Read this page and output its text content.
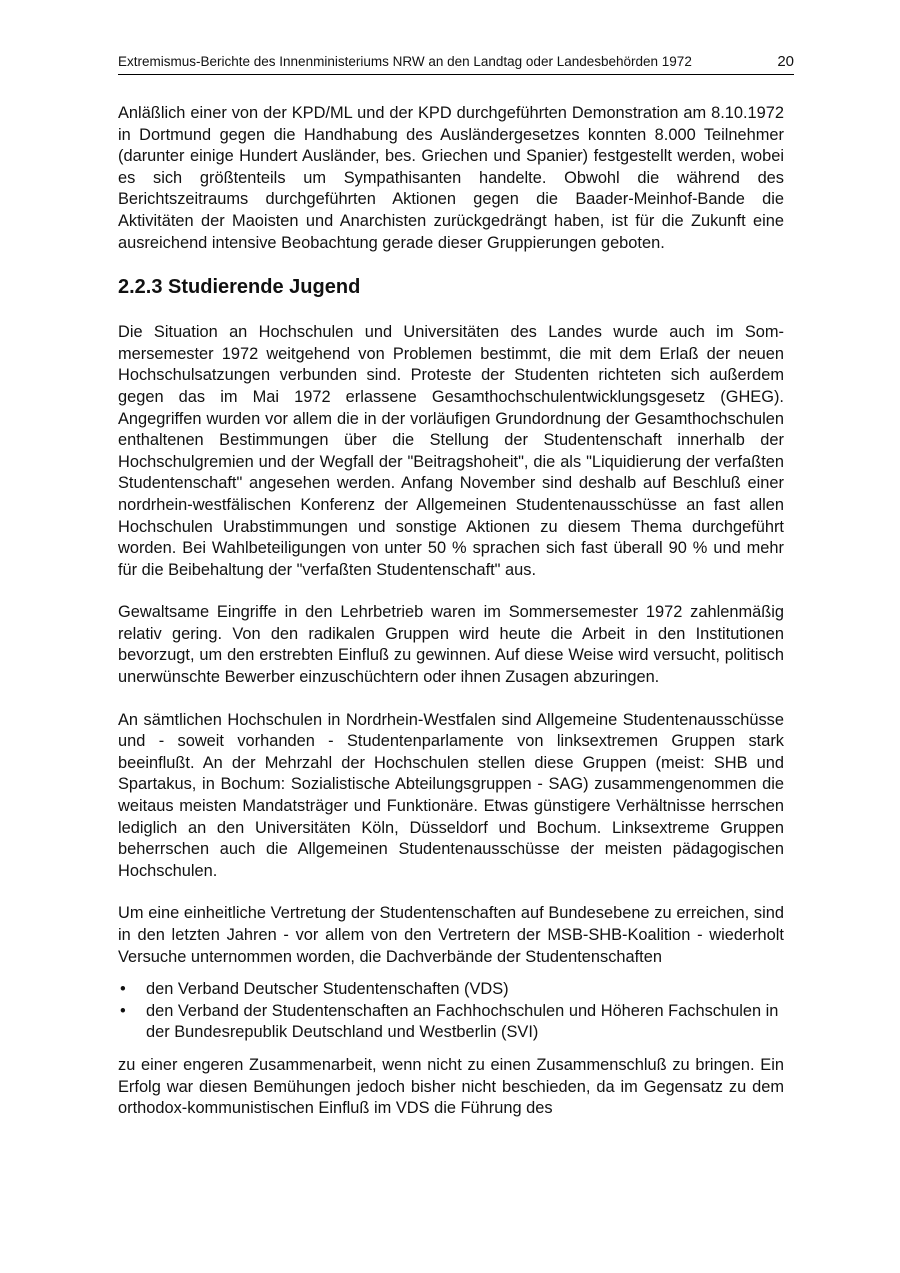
Extremismus-Berichte des Innenministeriums NRW an den Landtag oder Landesbehörden 1972	20

Anläßlich einer von der KPD/ML und der KPD durchgeführten Demonstration am 8.10.1972 in Dortmund gegen die Handhabung des Ausländergesetzes konnten 8.000 Teilnehmer (darunter einige Hundert Ausländer, bes. Griechen und Spanier) festgestellt werden, wobei es sich größtenteils um Sympathisanten handelte. Obwohl die während des Berichtszeitraums durchgeführten Aktionen gegen die Baader-Meinhof-Bande die Aktivitäten der Maoisten und Anarchisten zurückgedrängt haben, ist für die Zukunft eine ausreichend intensive Beobachtung gerade dieser Gruppierungen geboten.

2.2.3 Studierende Jugend

Die Situation an Hochschulen und Universitäten des Landes wurde auch im Sommersemester 1972 weitgehend von Problemen bestimmt, die mit dem Erlaß der neuen Hochschulsatzungen verbunden sind. Proteste der Studenten richteten sich außerdem gegen das im Mai 1972 erlassene Gesamthochschulentwicklungsgesetz (GHEG). Angegriffen wurden vor allem die in der vorläufigen Grundordnung der Gesamthochschulen enthaltenen Bestimmungen über die Stellung der Studentenschaft innerhalb der Hochschulgremien und der Wegfall der "Beitragshoheit", die als "Liquidierung der verfaßten Studentenschaft" angesehen werden. Anfang November sind deshalb auf Beschluß einer nordrhein-westfälischen Konferenz der Allgemeinen Studentenausschüsse an fast allen Hochschulen Urabstimmungen und sonstige Aktionen zu diesem Thema durchgeführt worden. Bei Wahlbeteiligungen von unter 50 % sprachen sich fast überall 90 % und mehr für die Beibehaltung der "verfaßten Studentenschaft" aus.

Gewaltsame Eingriffe in den Lehrbetrieb waren im Sommersemester 1972 zahlenmäßig relativ gering. Von den radikalen Gruppen wird heute die Arbeit in den Institutionen bevorzugt, um den erstrebten Einfluß zu gewinnen. Auf diese Weise wird versucht, politisch unerwünschte Bewerber einzuschüchtern oder ihnen Zusagen abzuringen.

An sämtlichen Hochschulen in Nordrhein-Westfalen sind Allgemeine Studentenausschüsse und - soweit vorhanden - Studentenparlamente von linksextremen Gruppen stark beeinflußt. An der Mehrzahl der Hochschulen stellen diese Gruppen (meist: SHB und Spartakus, in Bochum: Sozialistische Abteilungsgruppen - SAG) zusammengenommen die weitaus meisten Mandatsträger und Funktionäre. Etwas günstigere Verhältnisse herrschen lediglich an den Universitäten Köln, Düsseldorf und Bochum. Linksextreme Gruppen beherrschen auch die Allgemeinen Studentenausschüsse der meisten pädagogischen Hochschulen.

Um eine einheitliche Vertretung der Studentenschaften auf Bundesebene zu erreichen, sind in den letzten Jahren - vor allem von den Vertretern der MSB-SHB-Koalition - wiederholt Versuche unternommen worden, die Dachverbände der Studentenschaften

• den Verband Deutscher Studentenschaften (VDS)
• den Verband der Studentenschaften an Fachhochschulen und Höheren Fachschulen in der Bundesrepublik Deutschland und Westberlin (SVI)

zu einer engeren Zusammenarbeit, wenn nicht zu einen Zusammenschluß zu bringen. Ein Erfolg war diesen Bemühungen jedoch bisher nicht beschieden, da im Gegensatz zu dem orthodox-kommunistischen Einfluß im VDS die Führung des
